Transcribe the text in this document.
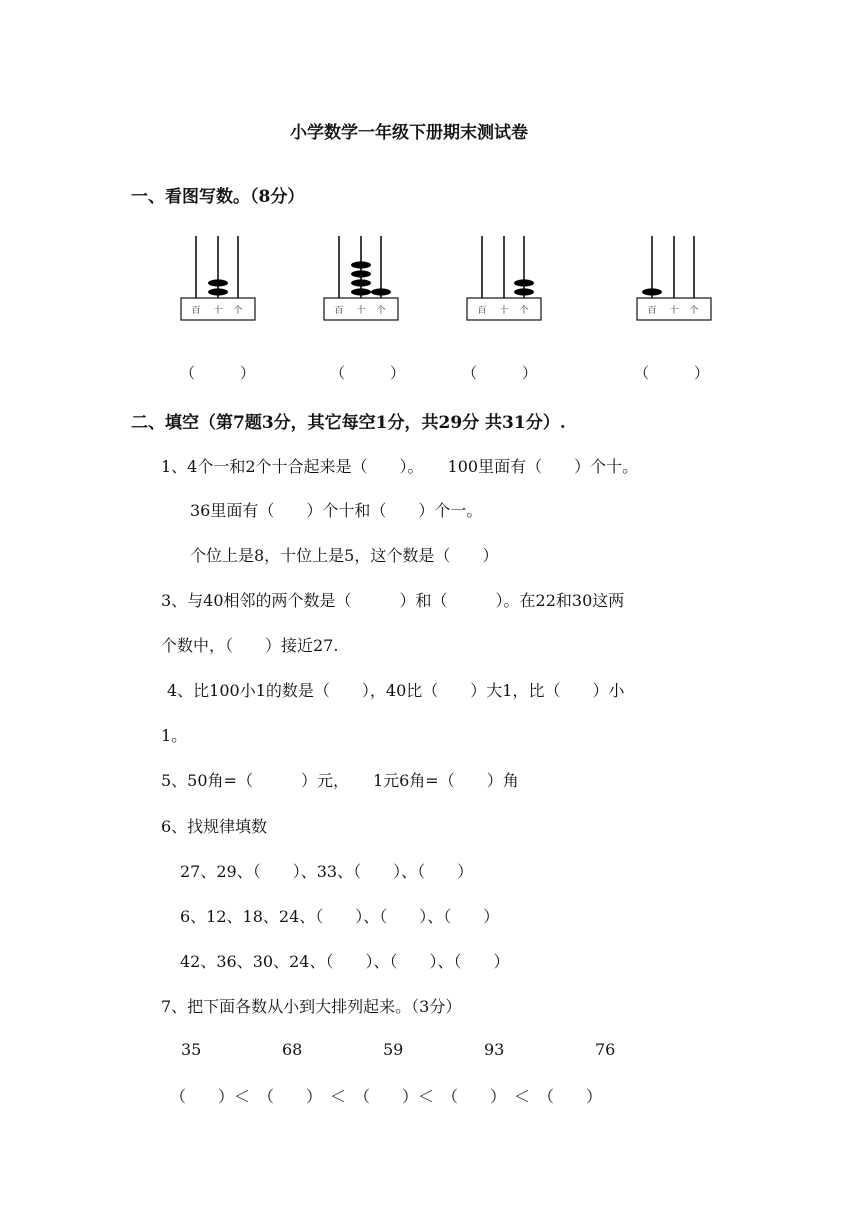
小学数学一年级下册期末测试卷
一、看图写数。（8分）
百 十 个	百 十 个	百 十 个	百 十 个
（　　　）	（　　　）	（　　　）	（　　　）
二、填空（第7题3分，其它每空1分，共29分 共31分）.
1、4个一和2个十合起来是（　　）。　　100里面有（　　）个十。
36里面有（　　）个十和（　　）个一。
个位上是8，十位上是5，这个数是（　　）
3、与40相邻的两个数是（　　　）和（　　　）。在22和30这两
个数中，（　　）接近27.
4、比100小1的数是（　　），40比（　　）大1，比（　　）小
1。
5、50角=（　　　）元，　　1元6角=（　　）角
6、找规律填数
27、29、（　　）、33、（　　）、（　　）
6、12、18、24、（　　）、（　　）、（　　）
42、36、30、24、（　　）、（　　）、（　　）
7、把下面各数从小到大排列起来。（3分）
35	68	59	93	76
（　　）＜　（　　）　＜　（　　）＜　（　　）　＜　（　　）
